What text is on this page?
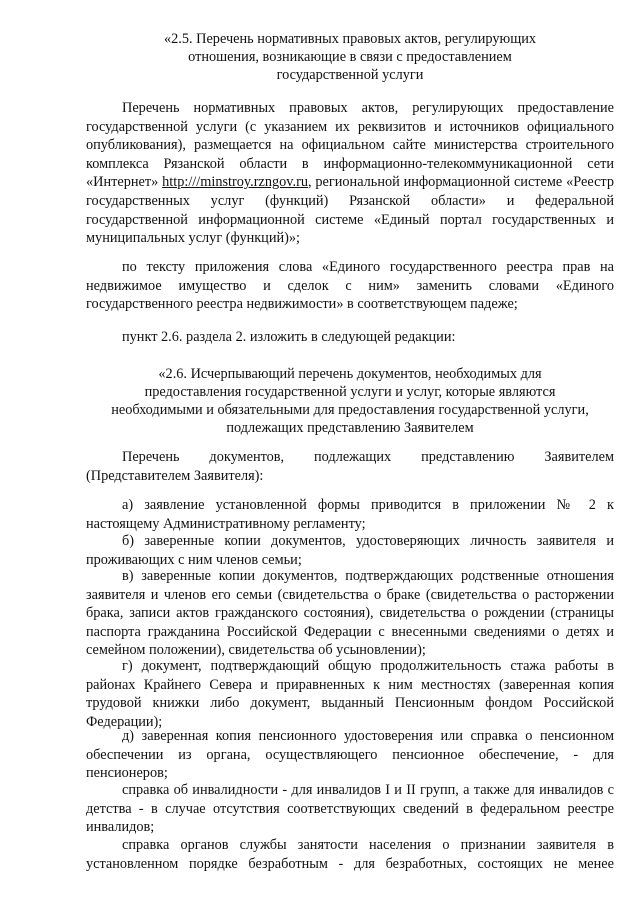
«2.5. Перечень нормативных правовых актов, регулирующих
отношения, возникающие в связи с предоставлением
государственной услуги

Перечень нормативных правовых актов, регулирующих предоставление государственной услуги (с указанием их реквизитов и источников официального опубликования), размещается на официальном сайте министерства строительного комплекса Рязанской области в информационно-телекоммуникационной сети «Интернет» http:///minstroy.rzngov.ru, региональной информационной системе «Реестр государственных услуг (функций) Рязанской области» и федеральной государственной информационной системе «Единый портал государственных и муниципальных услуг (функций)»;

по тексту приложения слова «Единого государственного реестра прав на недвижимое имущество и сделок с ним» заменить словами «Единого государственного реестра недвижимости» в соответствующем падеже;

пункт 2.6. раздела 2. изложить в следующей редакции:

«2.6. Исчерпывающий перечень документов, необходимых для
предоставления государственной услуги и услуг, которые являются
необходимыми и обязательными для предоставления государственной услуги,
подлежащих представлению Заявителем

Перечень документов, подлежащих представлению Заявителем (Представителем Заявителя):

а) заявление установленной формы приводится в приложении № 2 к настоящему Административному регламенту;

б) заверенные копии документов, удостоверяющих личность заявителя и проживающих с ним членов семьи;

в) заверенные копии документов, подтверждающих родственные отношения заявителя и членов его семьи (свидетельства о браке (свидетельства о расторжении брака, записи актов гражданского состояния), свидетельства о рождении (страницы паспорта гражданина Российской Федерации с внесенными сведениями о детях и семейном положении), свидетельства об усыновлении);

г) документ, подтверждающий общую продолжительность стажа работы в районах Крайнего Севера и приравненных к ним местностях (заверенная копия трудовой книжки либо документ, выданный Пенсионным фондом Российской Федерации);

д) заверенная копия пенсионного удостоверения или справка о пенсионном обеспечении из органа, осуществляющего пенсионное обеспечение, - для пенсионеров;

справка об инвалидности - для инвалидов I и II групп, а также для инвалидов с детства - в случае отсутствия соответствующих сведений в федеральном реестре инвалидов;

справка органов службы занятости населения о признании заявителя в установленном порядке безработным - для безработных, состоящих не менее
